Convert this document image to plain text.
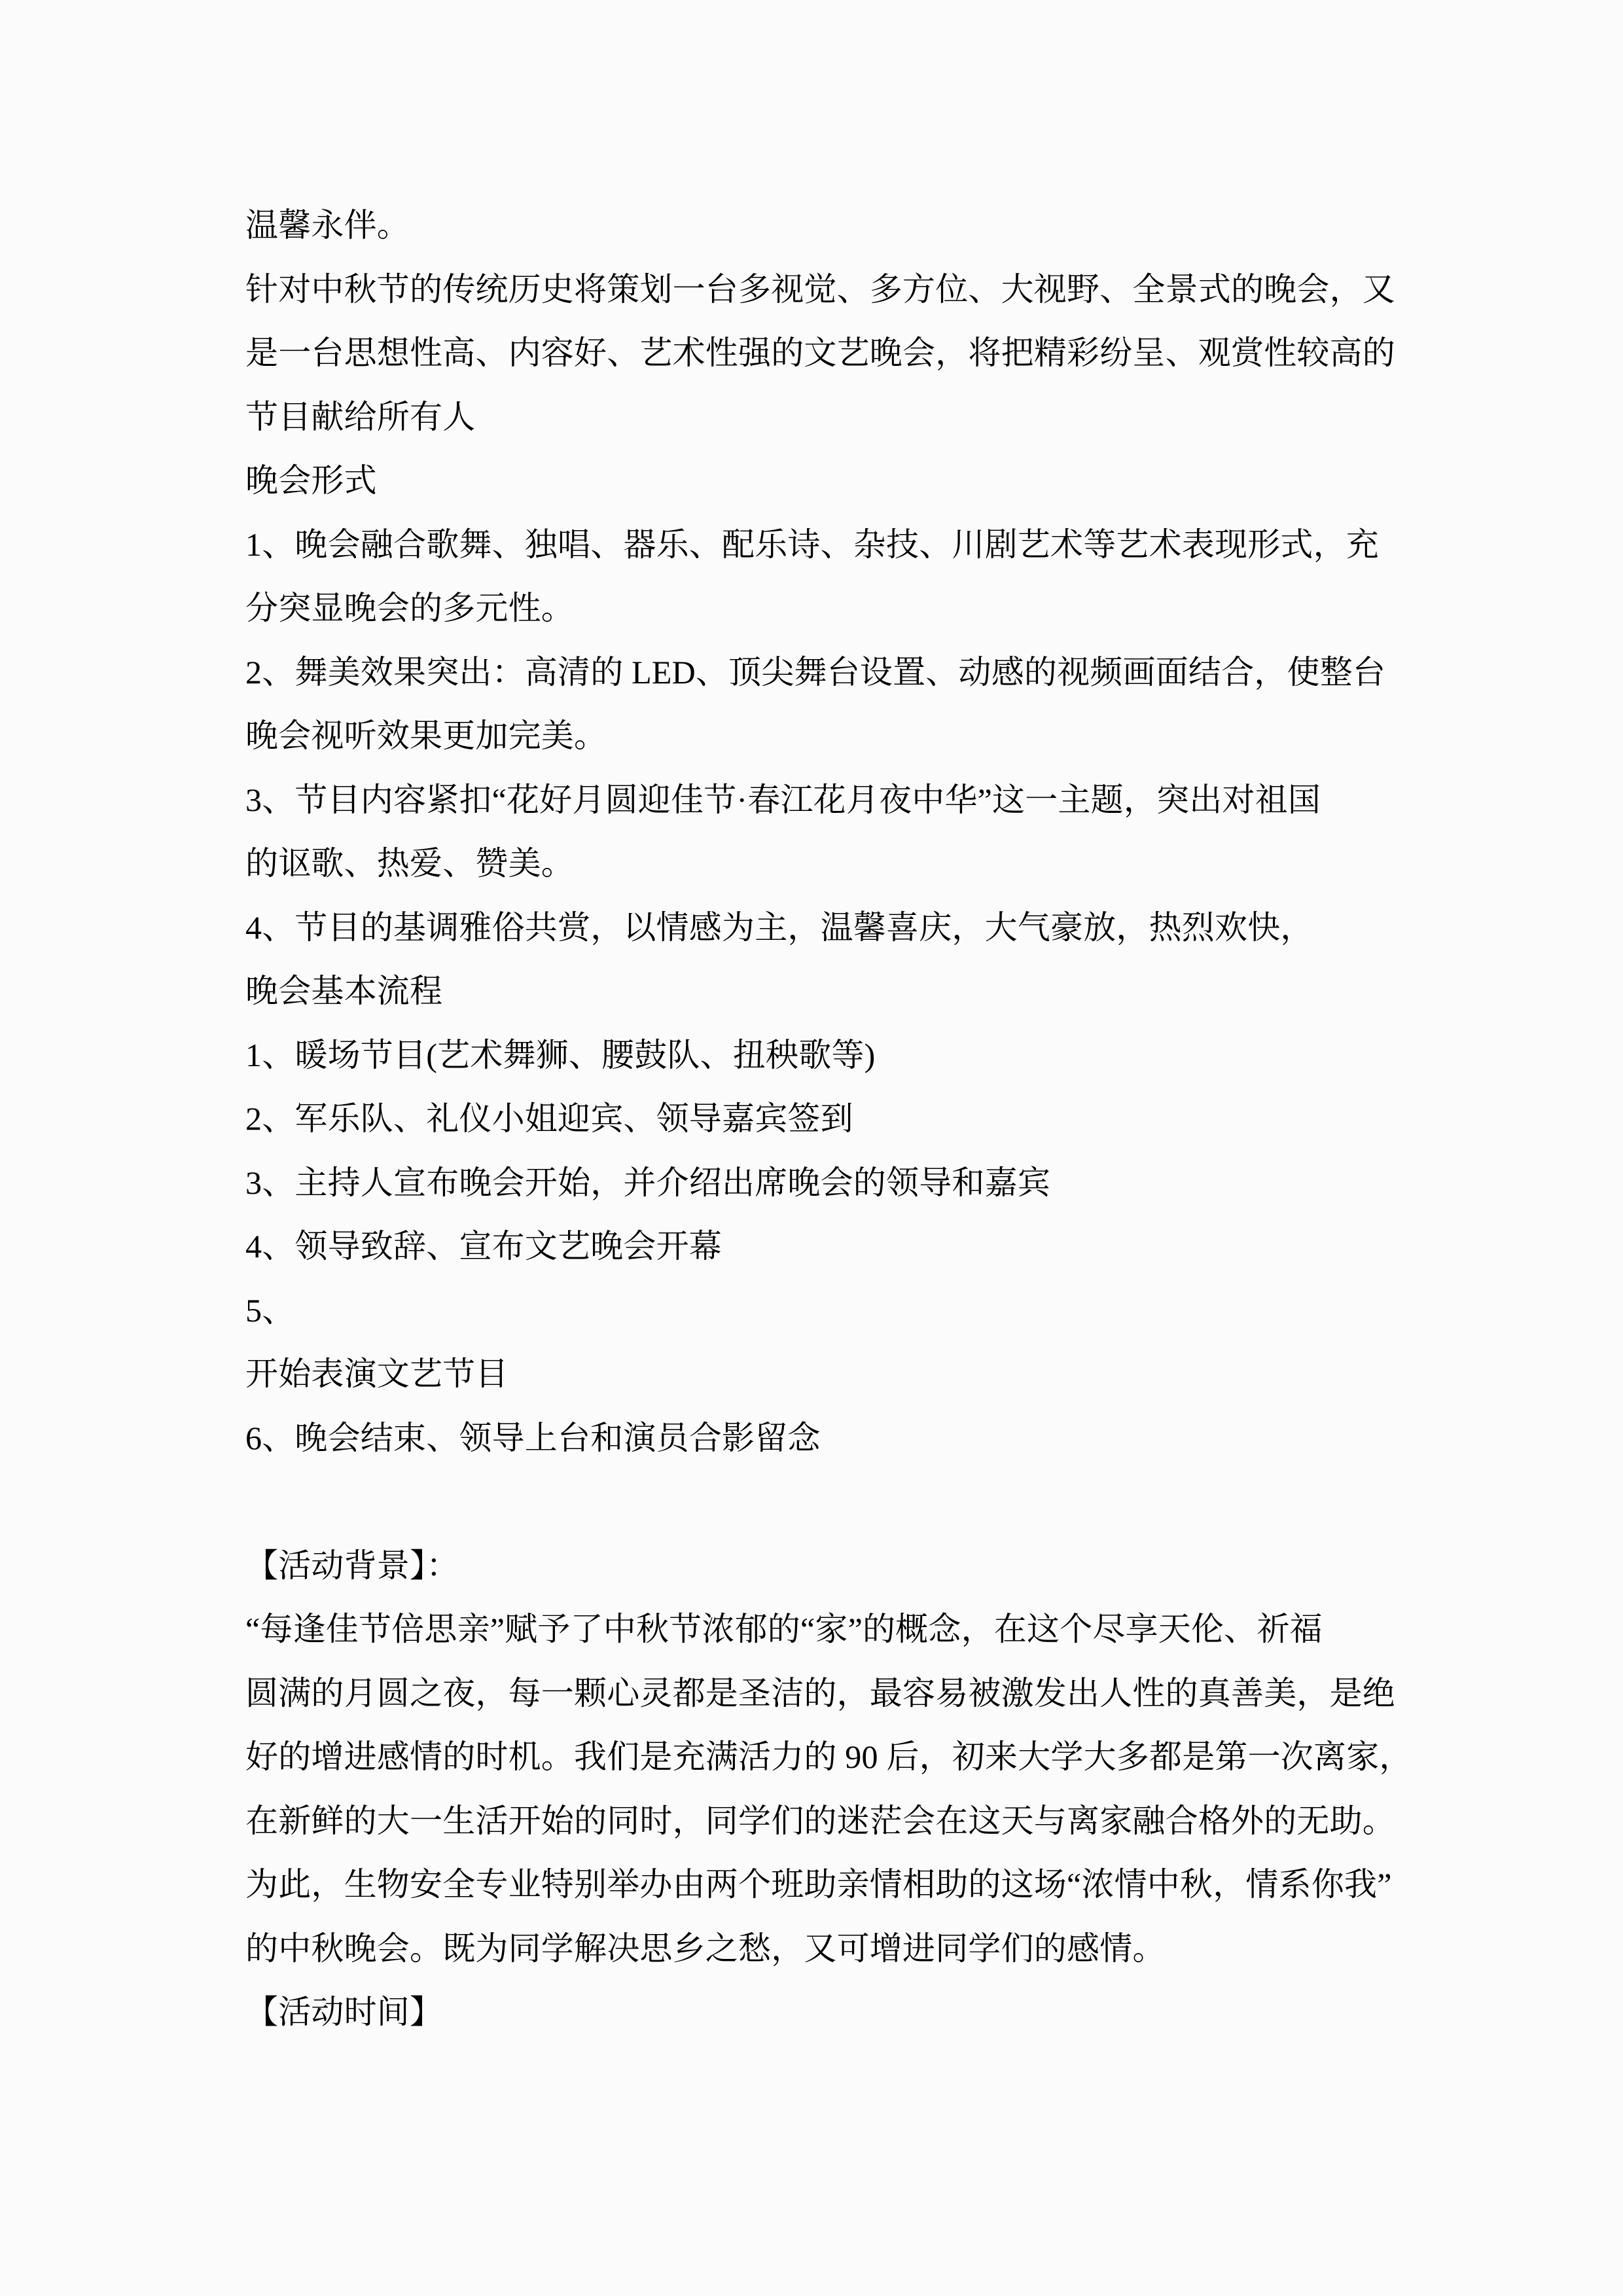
温馨永伴。
针对中秋节的传统历史将策划一台多视觉、多方位、大视野、全景式的晚会，又
是一台思想性高、内容好、艺术性强的文艺晚会，将把精彩纷呈、观赏性较高的
节目献给所有人
晚会形式
1、晚会融合歌舞、独唱、器乐、配乐诗、杂技、川剧艺术等艺术表现形式，充
分突显晚会的多元性。
2、舞美效果突出：高清的 LED、顶尖舞台设置、动感的视频画面结合，使整台
晚会视听效果更加完美。
3、节目内容紧扣“花好月圆迎佳节·春江花月夜中华”这一主题，突出对祖国
的讴歌、热爱、赞美。
4、节目的基调雅俗共赏，以情感为主，温馨喜庆，大气豪放，热烈欢快，
晚会基本流程
1、暖场节目(艺术舞狮、腰鼓队、扭秧歌等)
2、军乐队、礼仪小姐迎宾、领导嘉宾签到
3、主持人宣布晚会开始，并介绍出席晚会的领导和嘉宾
4、领导致辞、宣布文艺晚会开幕
5、
开始表演文艺节目
6、晚会结束、领导上台和演员合影留念
【活动背景】：
“每逢佳节倍思亲”赋予了中秋节浓郁的“家”的概念，在这个尽享天伦、祈福
圆满的月圆之夜，每一颗心灵都是圣洁的，最容易被激发出人性的真善美，是绝
好的增进感情的时机。我们是充满活力的 90 后，初来大学大多都是第一次离家，
在新鲜的大一生活开始的同时，同学们的迷茫会在这天与离家融合格外的无助。
为此，生物安全专业特别举办由两个班助亲情相助的这场“浓情中秋，情系你我”
的中秋晚会。既为同学解决思乡之愁，又可增进同学们的感情。
【活动时间】
